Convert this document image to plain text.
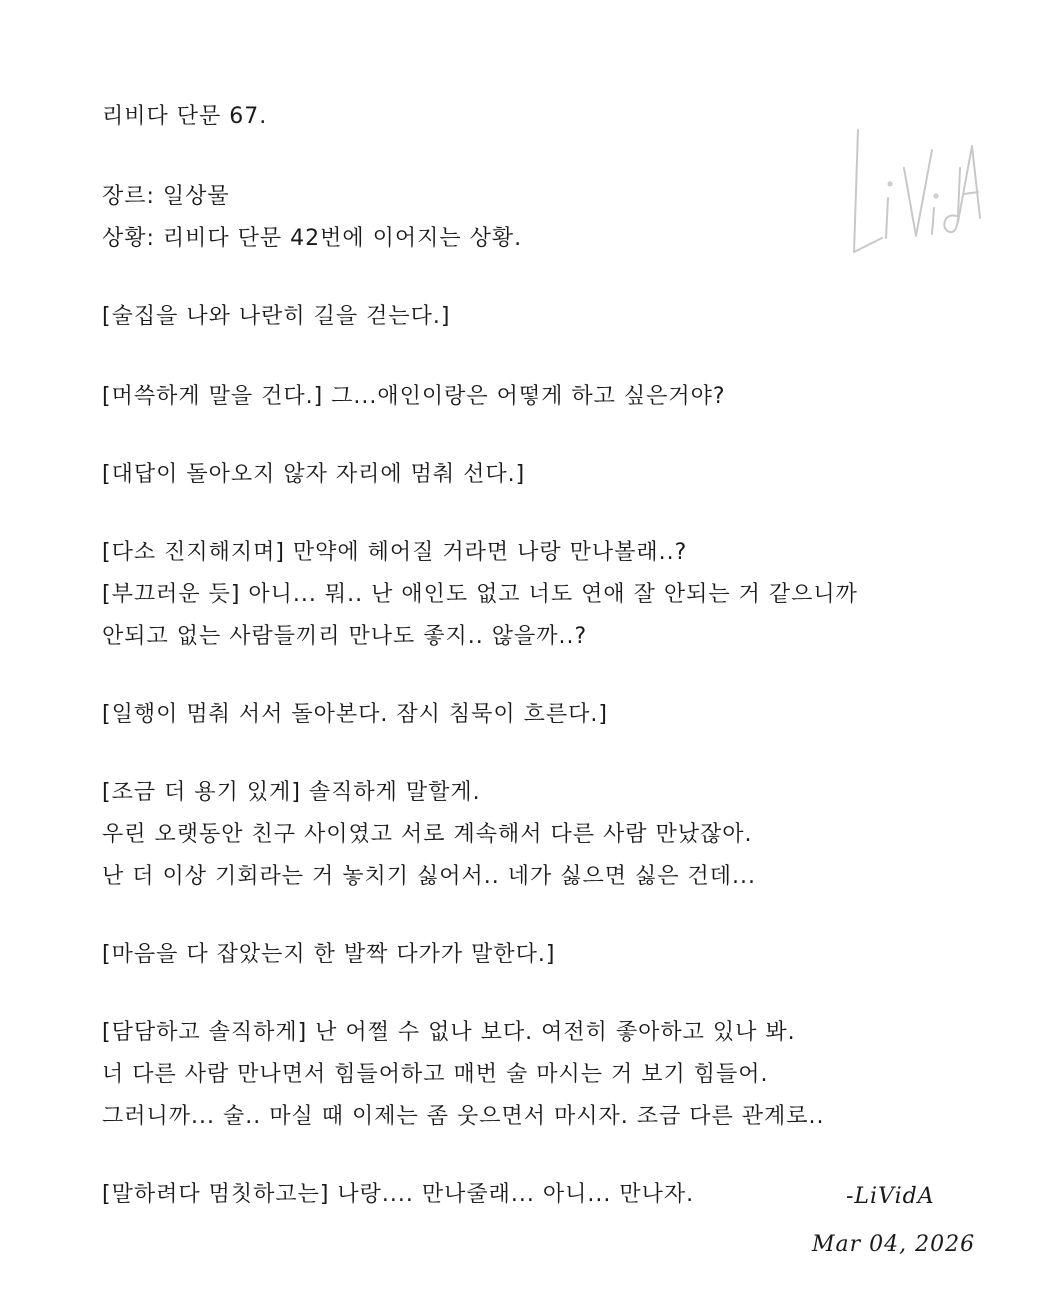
리비다 단문 67.
장르: 일상물
상황: 리비다 단문 42번에 이어지는 상황.
[술집을 나와 나란히 길을 걷는다.]
[머쓱하게 말을 건다.] 그...애인이랑은 어떻게 하고 싶은거야?
[대답이 돌아오지 않자 자리에 멈춰 선다.]
[다소 진지해지며] 만약에 헤어질 거라면 나랑 만나볼래..?
[부끄러운 듯] 아니... 뭐.. 난 애인도 없고 너도 연애 잘 안되는 거 같으니까
안되고 없는 사람들끼리 만나도 좋지.. 않을까..?
[일행이 멈춰 서서 돌아본다. 잠시 침묵이 흐른다.]
[조금 더 용기 있게] 솔직하게 말할게.
우린 오랫동안 친구 사이였고 서로 계속해서 다른 사람 만났잖아.
난 더 이상 기회라는 거 놓치기 싫어서.. 네가 싫으면 싫은 건데...
[마음을 다 잡았는지 한 발짝 다가가 말한다.]
[담담하고 솔직하게] 난 어쩔 수 없나 보다. 여전히 좋아하고 있나 봐.
너 다른 사람 만나면서 힘들어하고 매번 술 마시는 거 보기 힘들어.
그러니까... 술.. 마실 때 이제는 좀 웃으면서 마시자. 조금 다른 관계로..
[말하려다 멈칫하고는] 나랑.... 만나줄래... 아니... 만나자.	-LiVidA
Mar 04, 2026
